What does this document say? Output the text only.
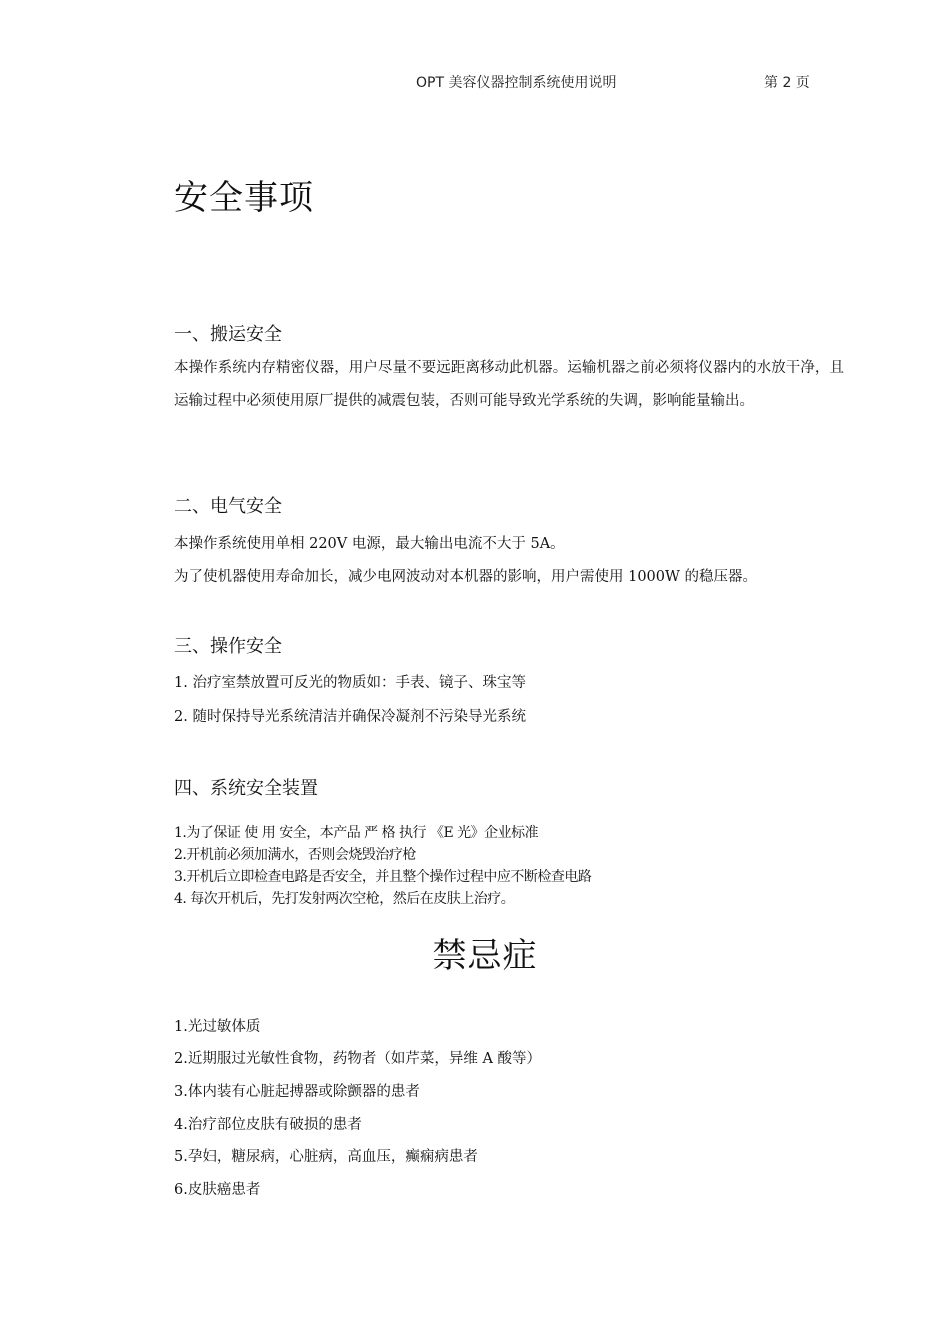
OPT 美容仪器控制系统使用说明	第 2 页
安全事项
一、搬运安全

本操作系统内存精密仪器，用户尽量不要远距离移动此机器。运输机器之前必须将仪器内的水放干净，且运输过程中必须使用原厂提供的减震包装，否则可能导致光学系统的失调，影响能量输出。

二、电气安全

本操作系统使用单相 220V 电源，最大输出电流不大于 5A。

为了使机器使用寿命加长，减少电网波动对本机器的影响，用户需使用 1000W 的稳压器。

三、操作安全

1. 治疗室禁放置可反光的物质如：手表、镜子、珠宝等

2. 随时保持导光系统清洁并确保冷凝剂不污染导光系统

四、系统安全装置

1.为了保证 使 用 安全，本产品 严 格 执行 《E 光》企业标准

2.开机前必须加满水，否则会烧毁治疗枪

3.开机后立即检查电路是否安全，并且整个操作过程中应不断检查电路

4. 每次开机后，先打发射两次空枪，然后在皮肤上治疗。

禁忌症

1.光过敏体质

2.近期服过光敏性食物，药物者（如芹菜，异维 A 酸等）

3.体内装有心脏起搏器或除颤器的患者

4.治疗部位皮肤有破损的患者

5.孕妇，糖尿病，心脏病，高血压，癫痫病患者

6.皮肤癌患者
